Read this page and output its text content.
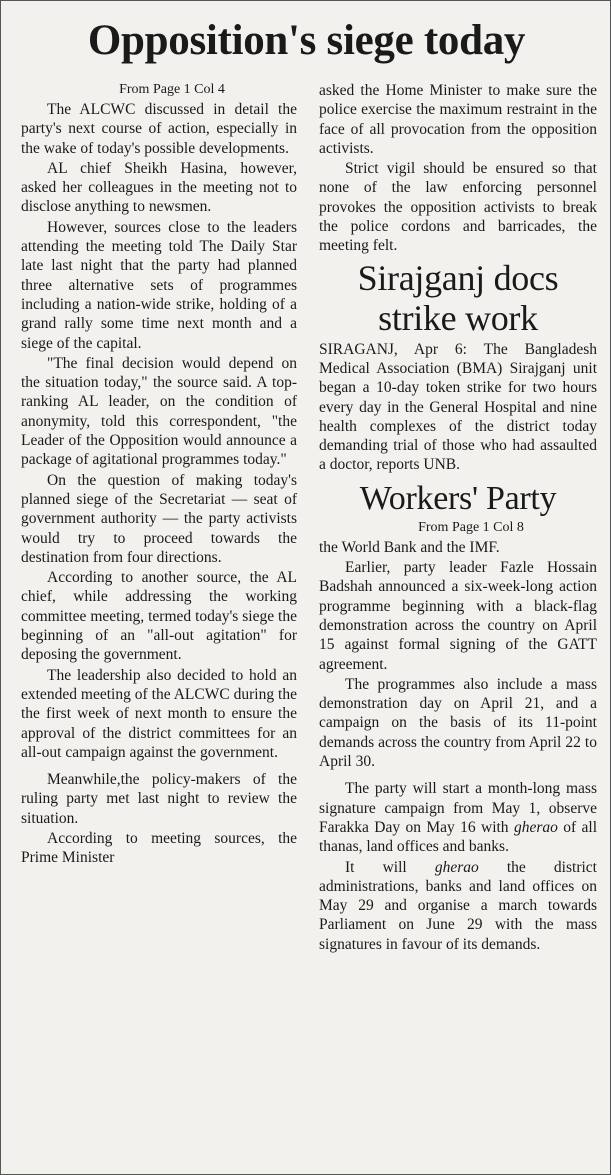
Opposition's siege today

From Page 1 Col 4

The ALCWC discussed in detail the party's next course of action, especially in the wake of today's possible developments.

AL chief Sheikh Hasina, however, asked her colleagues in the meeting not to disclose anything to newsmen.

However, sources close to the leaders attending the meeting told The Daily Star late last night that the party had planned three alternative sets of programmes including a nation-wide strike, holding of a grand rally some time next month and a siege of the capital.

"The final decision would depend on the situation today," the source said. A top-ranking AL leader, on the condition of anonymity, told this correspondent, "the Leader of the Opposition would announce a package of agitational programmes today."

On the question of making today's planned siege of the Secretariat — seat of government authority — the party activists would try to proceed towards the destination from four directions.

According to another source, the AL chief, while addressing the working committee meeting, termed today's siege the beginning of an "all-out agitation" for deposing the government.

The leadership also decided to hold an extended meeting of the ALCWC during the the first week of next month to ensure the approval of the district committees for an all-out campaign against the government.

Meanwhile,the policy-makers of the ruling party met last night to review the situation.

According to meeting sources, the Prime Minister

asked the Home Minister to make sure the police exercise the maximum restraint in the face of all provocation from the opposition activists.

Strict vigil should be ensured so that none of the law enforcing personnel provokes the opposition activists to break the police cordons and barricades, the meeting felt.

Sirajganj docs strike work

SIRAGANJ, Apr 6: The Bangladesh Medical Association (BMA) Sirajganj unit began a 10-day token strike for two hours every day in the General Hospital and nine health complexes of the district today demanding trial of those who had assaulted a doctor, reports UNB.

Workers' Party

From Page 1 Col 8

the World Bank and the IMF.

Earlier, party leader Fazle Hossain Badshah announced a six-week-long action programme beginning with a black-flag demonstration across the country on April 15 against formal signing of the GATT agreement.

The programmes also include a mass demonstration day on April 21, and a campaign on the basis of its 11-point demands across the country from April 22 to April 30.

The party will start a month-long mass signature campaign from May 1, observe Farakka Day on May 16 with gherao of all thanas, land offices and banks.

It will gherao the district administrations, banks and land offices on May 29 and organise a march towards Parliament on June 29 with the mass signatures in favour of its demands.
